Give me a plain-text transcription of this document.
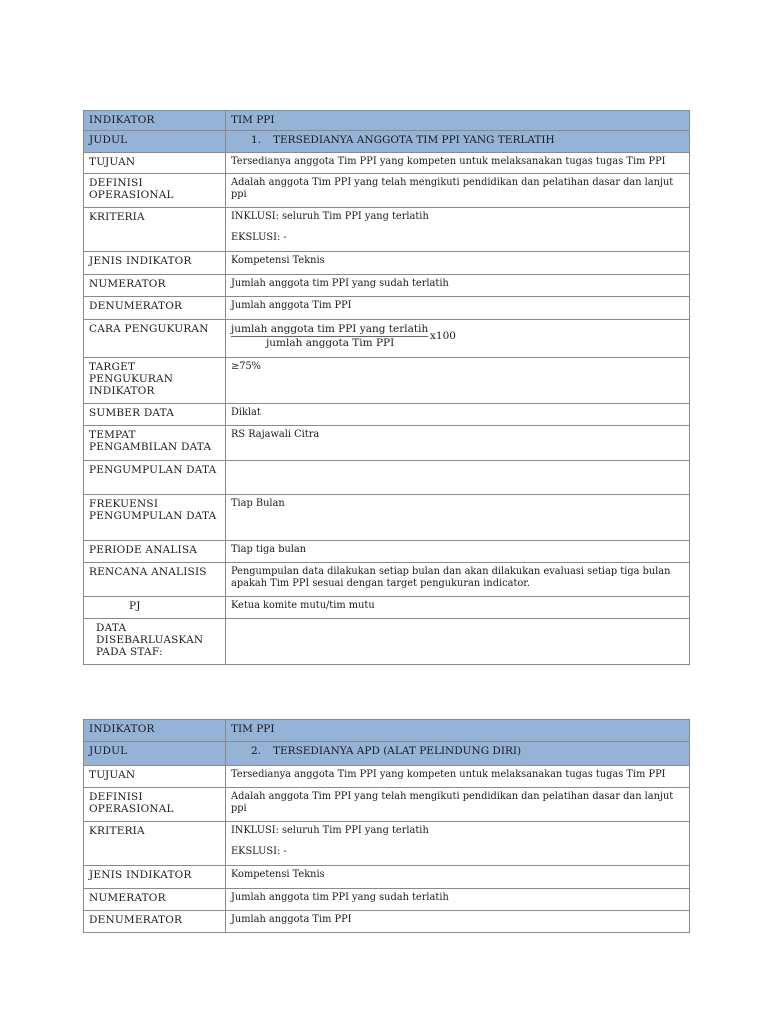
INDIKATOR	TIM PPI
JUDUL	1. TERSEDIANYA ANGGOTA TIM PPI YANG TERLATIH
TUJUAN	Tersedianya anggota Tim PPI yang kompeten untuk melaksanakan tugas tugas Tim PPI
DEFINISI OPERASIONAL	Adalah anggota Tim PPI yang telah mengikuti pendidikan dan pelatihan dasar dan lanjut ppi
KRITERIA	INKLUSI: seluruh Tim PPI yang terlatih
EKSLUSI: -

JENIS INDIKATOR	Kompetensi Teknis
NUMERATOR	Jumlah anggota tim PPI yang sudah terlatih
DENUMERATOR	Jumlah anggota Tim PPI
CARA PENGUKURAN	jumlah anggota tim PPI yang terlatih
jumlah anggota Tim PPI
x100

TARGET PENGUKURAN INDIKATOR	≥75%
SUMBER DATA	Diklat
TEMPAT PENGAMBILAN DATA	RS Rajawali Citra
PENGUMPULAN DATA	
FREKUENSI PENGUMPULAN DATA	Tiap Bulan
PERIODE ANALISA	Tiap tiga bulan
RENCANA ANALISIS	Pengumpulan data dilakukan setiap bulan dan akan dilakukan evaluasi setiap tiga bulan apakah Tim PPI sesuai dengan target pengukuran indicator.
PJ	Ketua komite mutu/tim mutu
DATA DISEBARLUASKAN PADA STAF:	
INDIKATOR	TIM PPI
JUDUL	2. TERSEDIANYA APD (ALAT PELINDUNG DIRI)
TUJUAN	Tersedianya anggota Tim PPI yang kompeten untuk melaksanakan tugas tugas Tim PPI
DEFINISI OPERASIONAL	Adalah anggota Tim PPI yang telah mengikuti pendidikan dan pelatihan dasar dan lanjut ppi
KRITERIA	INKLUSI: seluruh Tim PPI yang terlatih
EKSLUSI: -

JENIS INDIKATOR	Kompetensi Teknis
NUMERATOR	Jumlah anggota tim PPI yang sudah terlatih
DENUMERATOR	Jumlah anggota Tim PPI
